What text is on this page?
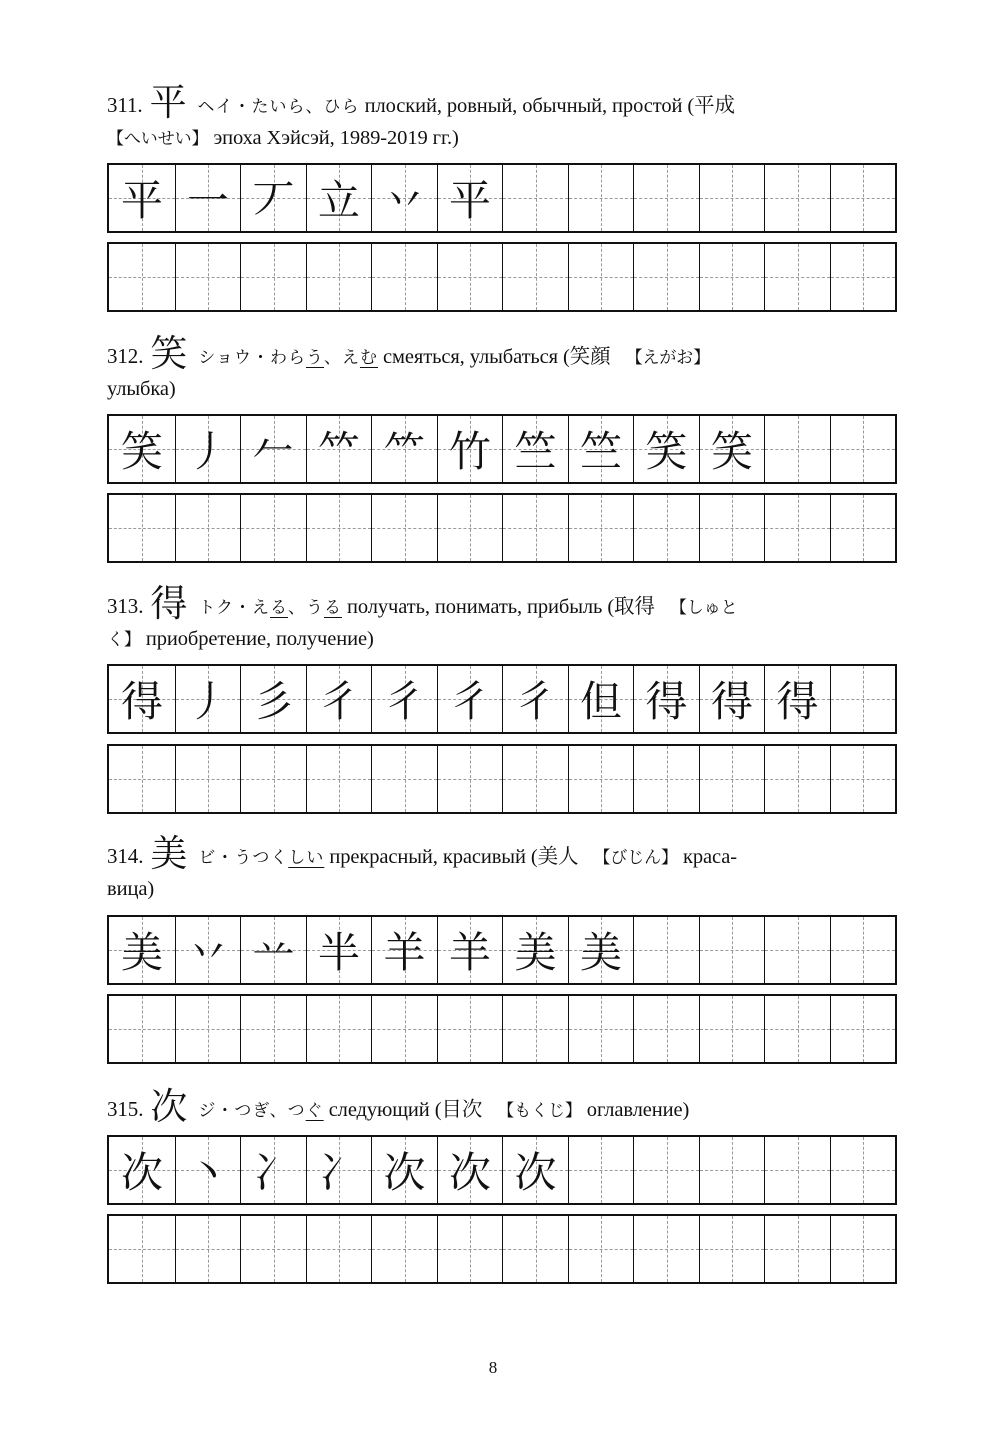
311. 平 ヘイ・たいら、ひら плоский, ровный, обычный, простой (平成
【へいせい】 эпоха Хэйсэй, 1989-2019 гг.)
平 一 丆 立 丷 平
312. 笑 ショウ・わらう、えむ смеяться, улыбаться (笑顔 【えがお】
улыбка)
笑 丿 𠂉 𥫗 ⺮ 竹 竺 竺 笑 笑
313. 得 トク・える、うる получать, понимать, прибыль (取得 【しゅと
く】 приобретение, получение)
得 丿 彡 彳 彳 彳 彳 但 得 得 得
314. 美 ビ・うつくしい прекрасный, красивый (美人 【びじん】 краса-
вица)
美 丷 䒑 半 羊 羊 美 美
315. 次 ジ・つぎ、つぐ следующий (目次 【もくじ】 оглавление)
次 丶 冫 冫 次 次 次
8
